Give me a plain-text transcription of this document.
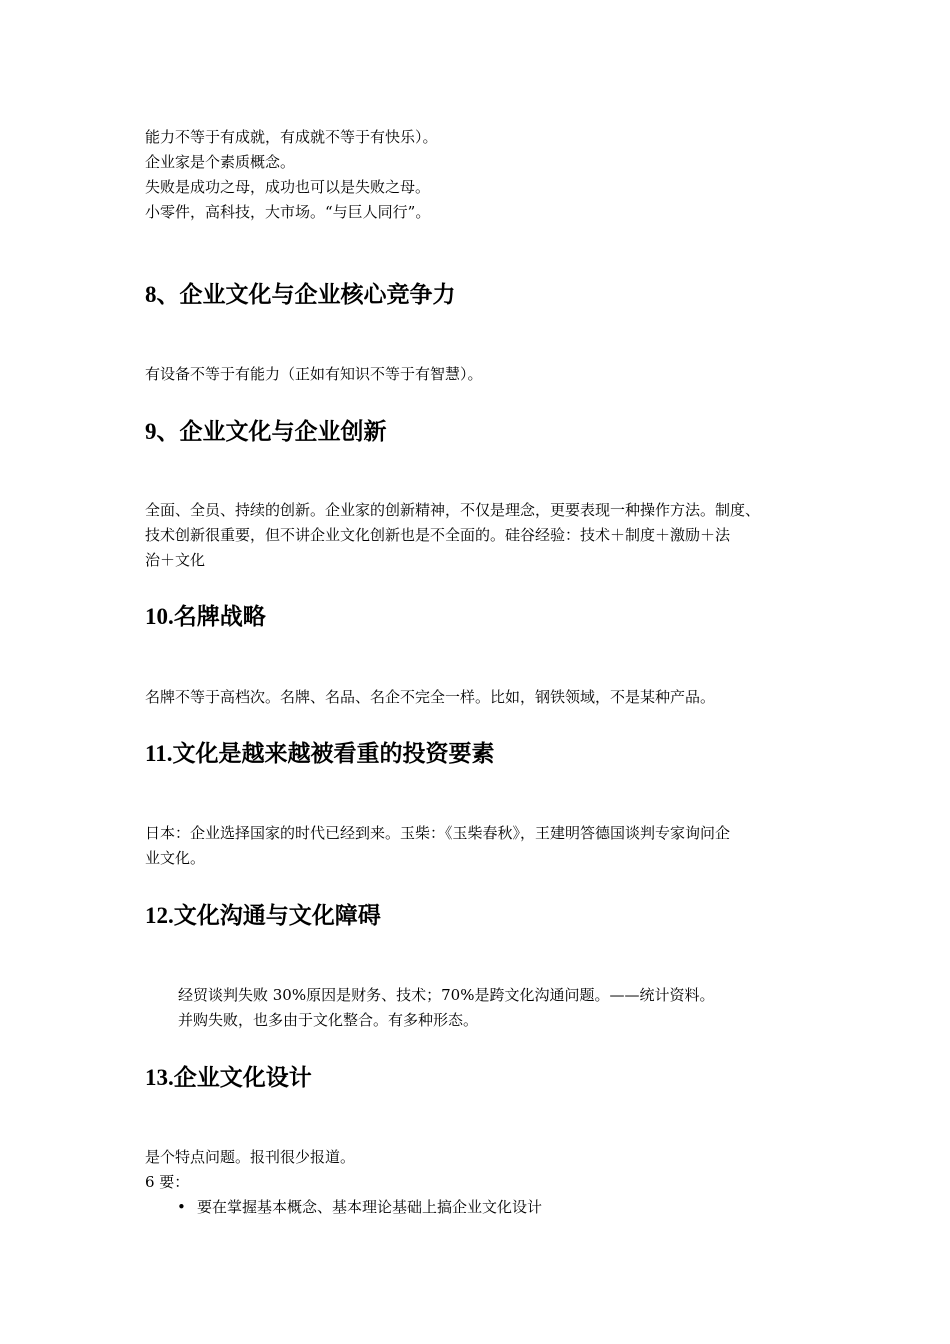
能力不等于有成就，有成就不等于有快乐）。
企业家是个素质概念。
失败是成功之母，成功也可以是失败之母。
小零件，高科技，大市场。“与巨人同行”。
8、企业文化与企业核心竞争力
有设备不等于有能力（正如有知识不等于有智慧）。
9、企业文化与企业创新
全面、全员、持续的创新。企业家的创新精神，不仅是理念，更要表现一种操作方法。制度、
技术创新很重要，但不讲企业文化创新也是不全面的。硅谷经验：技术＋制度＋激励＋法
治＋文化
10.名牌战略
名牌不等于高档次。名牌、名品、名企不完全一样。比如，钢铁领域，不是某种产品。
11.文化是越来越被看重的投资要素
日本：企业选择国家的时代已经到来。玉柴：《玉柴春秋》，王建明答德国谈判专家询问企
业文化。
12.文化沟通与文化障碍
经贸谈判失败 30%原因是财务、技术；70%是跨文化沟通问题。——统计资料。
并购失败，也多由于文化整合。有多种形态。
13.企业文化设计
是个特点问题。报刊很少报道。
6 要：
• 要在掌握基本概念、基本理论基础上搞企业文化设计
